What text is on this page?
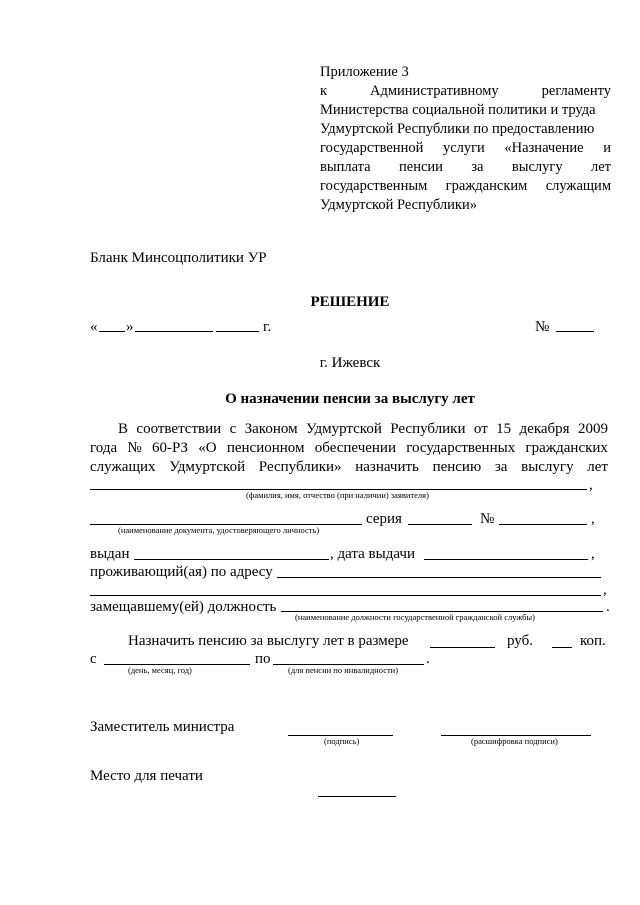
Приложение 3
к	Административному	регламенту
Министерства социальной политики и труда
Удмуртской Республики по предоставлению
государственной услуги «Назначение и
выплата пенсии за выслугу лет
государственным гражданским служащим
Удмуртской Республики»
Бланк Минсоцполитики УР
РЕШЕНИЕ
« »	г.	№
г. Ижевск
О назначении пенсии за выслугу лет
В соответствии с Законом Удмуртской Республики от 15 декабря 2009
года № 60-РЗ «О пенсионном обеспечении государственных гражданских
служащих Удмуртской Республики» назначить пенсию за выслугу лет
,
(фамилия, имя, отчество (при наличии) заявителя)
серия	№	,
(наименование документа, удостоверяющего личность)
выдан	, дата выдачи	,
проживающий(ая) по адресу
,
замещавшему(ей) должность	.
(наименование должности государственной гражданской службы)
Назначить пенсию за выслугу лет в размере	руб.	коп.
с	по	.
(день, месяц, год)	(для пенсии по инвалидности)
Заместитель министра
(подпись)	(расшифровка подписи)
Место для печати
